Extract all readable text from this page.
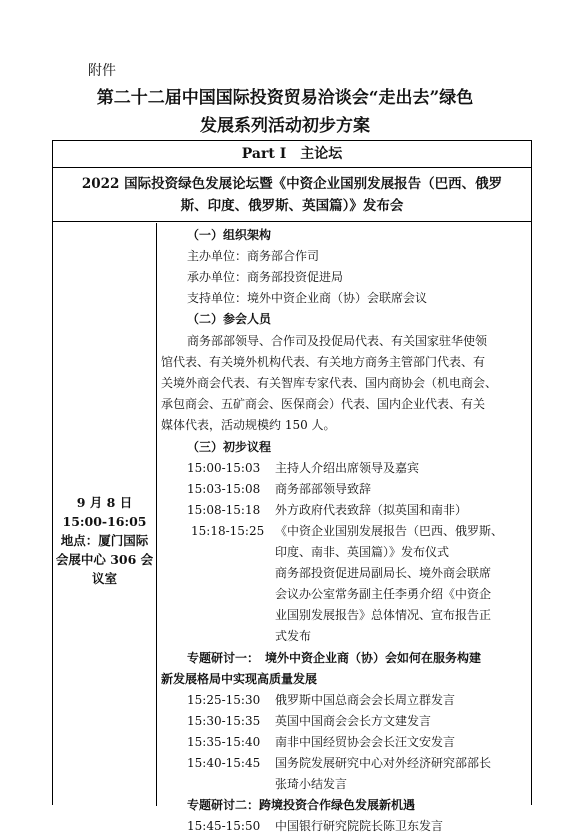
附件
第二十二届中国国际投资贸易洽谈会“走出去”绿色
发展系列活动初步方案
Part I　主论坛
2022 国际投资绿色发展论坛暨《中资企业国别发展报告（巴西、俄罗
斯、印度、俄罗斯、英国篇）》发布会
9 月 8 日
15:00-16:05
地点：厦门国际
会展中心 306 会
议室
（一）组织架构
主办单位：商务部合作司
承办单位：商务部投资促进局
支持单位：境外中资企业商（协）会联席会议
（二）参会人员
商务部部领导、合作司及投促局代表、有关国家驻华使领
馆代表、有关境外机构代表、有关地方商务主管部门代表、有
关境外商会代表、有关智库专家代表、国内商协会（机电商会、
承包商会、五矿商会、医保商会）代表、国内企业代表、有关
媒体代表，活动规模约 150 人。
（三）初步议程
15:00-15:03 主持人介绍出席领导及嘉宾
15:03-15:08 商务部部领导致辞
15:08-15:18 外方政府代表致辞（拟英国和南非）
15:18-15:25 《中资企业国别发展报告（巴西、俄罗斯、
印度、南非、英国篇）》发布仪式
商务部投资促进局副局长、境外商会联席
会议办公室常务副主任李勇介绍《中资企
业国别发展报告》总体情况、宣布报告正
式发布
专题研讨一：　境外中资企业商（协）会如何在服务构建
新发展格局中实现高质量发展
15:25-15:30 俄罗斯中国总商会会长周立群发言
15:30-15:35 英国中国商会会长方文建发言
15:35-15:40 南非中国经贸协会会长汪文安发言
15:40-15:45 国务院发展研究中心对外经济研究部部长
张琦小结发言
专题研讨二：跨境投资合作绿色发展新机遇
15:45-15:50 中国银行研究院院长陈卫东发言
